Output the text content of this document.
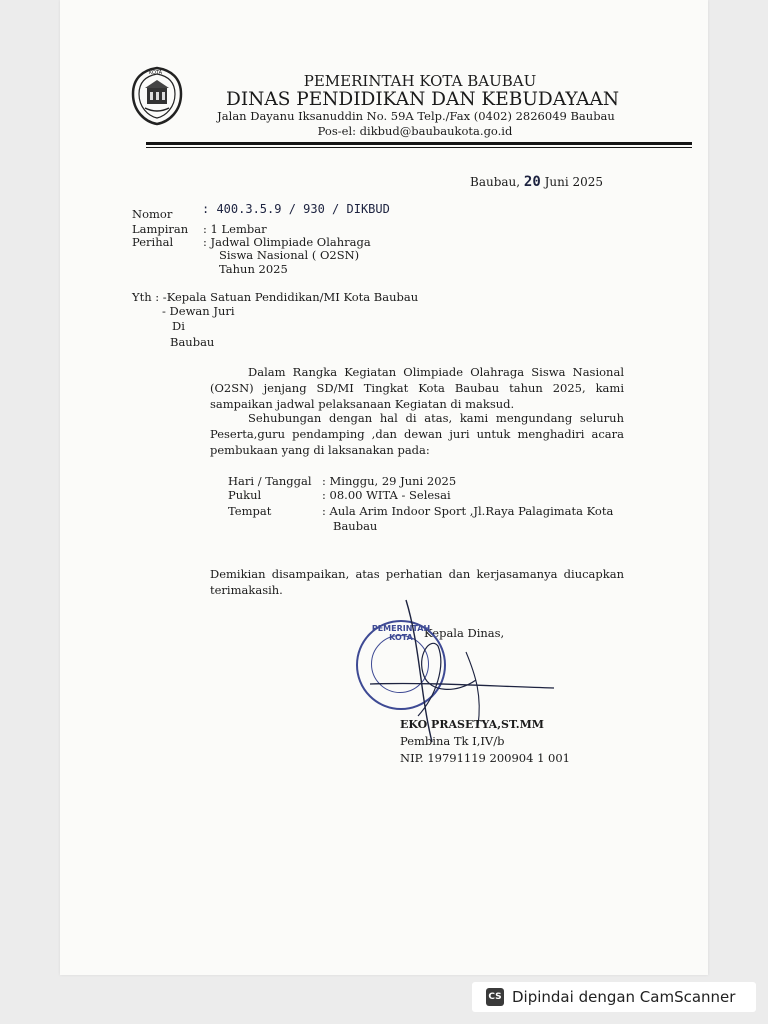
KOTA	PEMERINTAH KOTA BAUBAU
DINAS PENDIDIKAN DAN KEBUDAYAAN
Jalan Dayanu Iksanuddin No. 59A Telp./Fax (0402) 2826049 Baubau
Pos-el: dikbud@baubaukota.go.id
Baubau, 20 Juni 2025
Nomor : 400.3.5.9 / 930 / DIKBUD
Lampiran : 1 Lembar
Perihal	: Jadwal Olimpiade Olahraga
Siswa Nasional ( O2SN)
Tahun 2025
Yth : -Kepala Satuan Pendidikan/MI Kota Baubau
- Dewan Juri
Di
Baubau
Dalam Rangka Kegiatan Olimpiade Olahraga Siswa Nasional (O2SN) jenjang SD/MI Tingkat Kota Baubau tahun 2025, kami sampaikan jadwal pelaksanaan Kegiatan di maksud.
Sehubungan dengan hal di atas, kami mengundang seluruh Peserta,guru pendamping ,dan dewan juri untuk menghadiri acara pembukaan yang di laksanakan pada:
Hari / Tanggal : Minggu, 29 Juni 2025
Pukul	: 08.00 WITA - Selesai
Tempat	: Aula Arim Indoor Sport ,Jl.Raya Palagimata Kota
Baubau
Demikian disampaikan, atas perhatian dan kerjasamanya diucapkan terimakasih.
Kepala Dinas,
PEMERINTAH KOTA
EKO PRASETYA,ST.MM
Pembina Tk I,IV/b
NIP. 19791119 200904 1 001
CS Dipindai dengan CamScanner
